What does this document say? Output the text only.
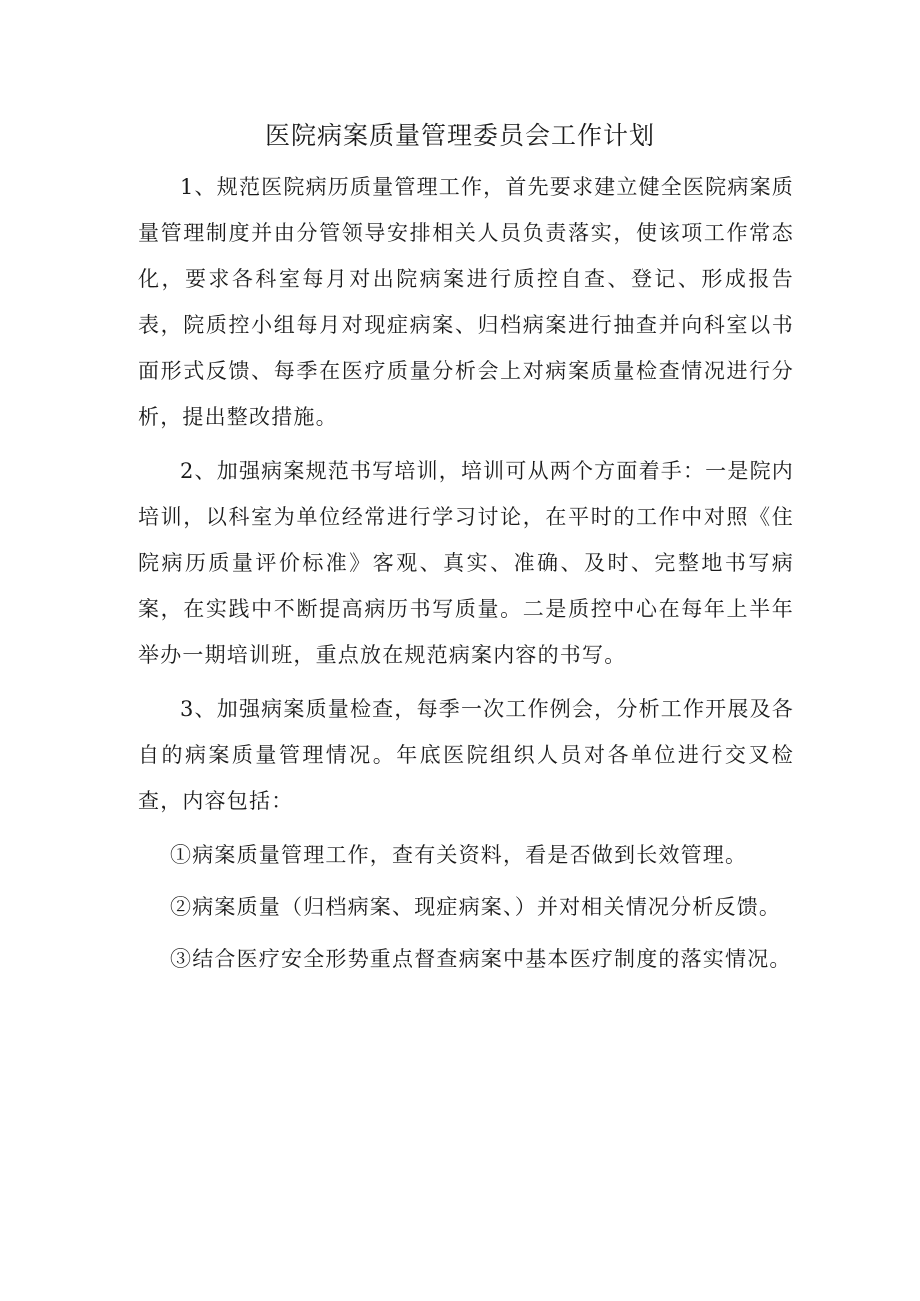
医院病案质量管理委员会工作计划

1、规范医院病历质量管理工作，首先要求建立健全医院病案质量管理制度并由分管领导安排相关人员负责落实，使该项工作常态化，要求各科室每月对出院病案进行质控自查、登记、形成报告表，院质控小组每月对现症病案、归档病案进行抽查并向科室以书面形式反馈、每季在医疗质量分析会上对病案质量检查情况进行分析，提出整改措施。

2、加强病案规范书写培训，培训可从两个方面着手：一是院内培训，以科室为单位经常进行学习讨论，在平时的工作中对照《住院病历质量评价标准》客观、真实、准确、及时、完整地书写病案，在实践中不断提高病历书写质量。二是质控中心在每年上半年举办一期培训班，重点放在规范病案内容的书写。

3、加强病案质量检查，每季一次工作例会，分析工作开展及各自的病案质量管理情况。年底医院组织人员对各单位进行交叉检查，内容包括：

①病案质量管理工作，查有关资料，看是否做到长效管理。

②病案质量（归档病案、现症病案、）并对相关情况分析反馈。

③结合医疗安全形势重点督查病案中基本医疗制度的落实情况。
